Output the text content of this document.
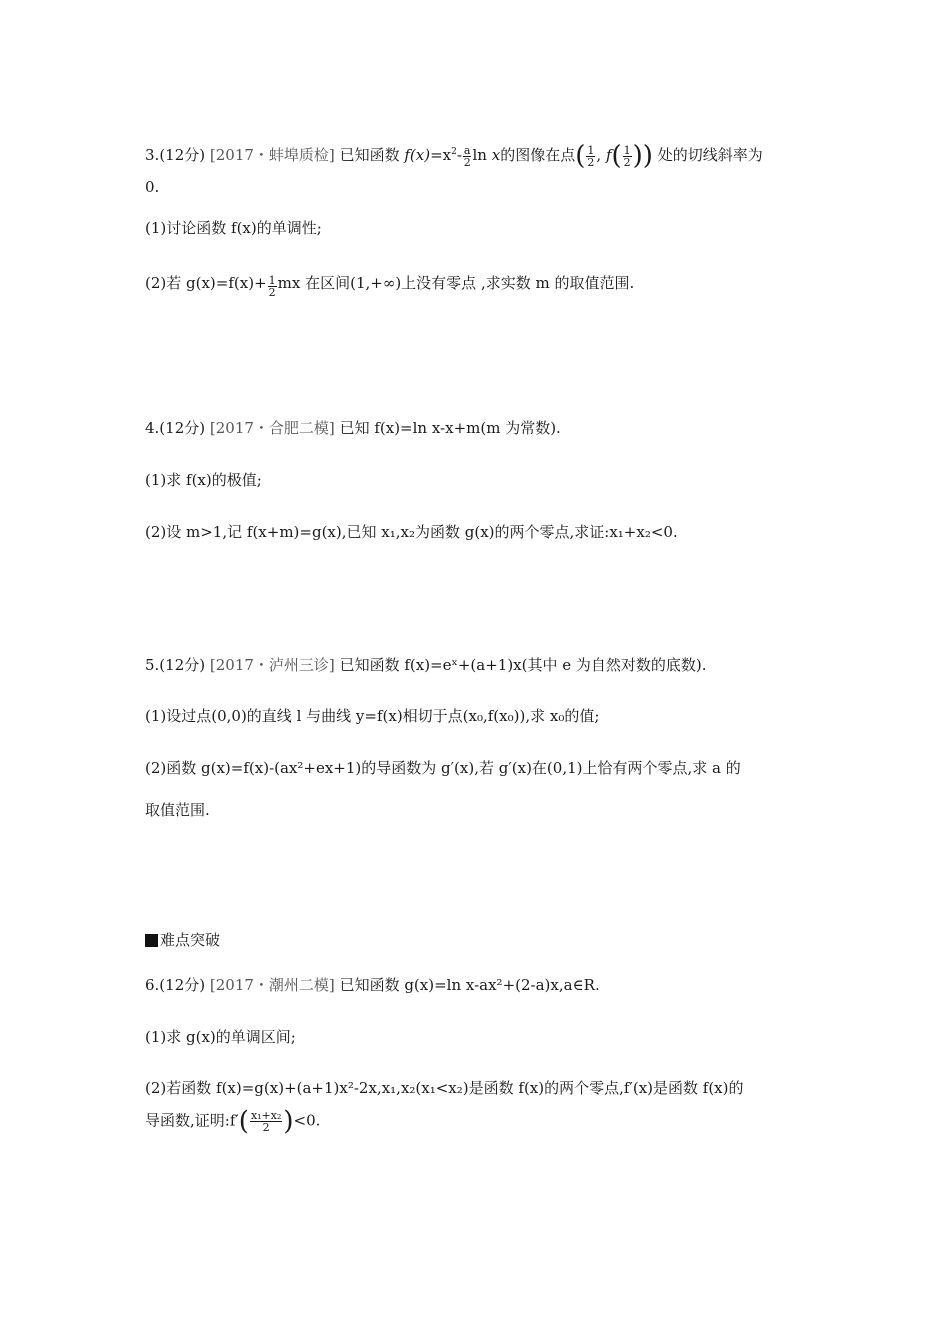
3.(12分) [2017・蚌埠质检] 已知函数 $f(x)=x^2- \frac{a}{2}$ ln x的图像在点( $\frac{1}{2}$ , $f( \frac{1}{2}$ )) 处的切线斜率为
0.
(1)讨论函数 f(x)的单调性;
(2)若 $g(x)=f(x)+ \frac{1}{2}$ mx 在区间(1,+∞)上没有零点 ,求实数 m 的取值范围.
4.(12分) [2017・合肥二模] 已知 f(x)=ln x-x+m(m 为常数).
(1)求 f(x)的极值;
(2)设 m>1,记 f(x+m)=g(x),已知 x₁,x₂为函数 g(x)的两个零点,求证:x₁+x₂<0.
5.(12分) [2017・泸州三诊] 已知函数 f(x)=eˣ+(a+1)x(其中 e 为自然对数的底数).
(1)设过点(0,0)的直线 l 与曲线 y=f(x)相切于点(x₀,f(x₀)),求 x₀的值;
(2)函数 g(x)=f(x)-(ax²+ex+1)的导函数为 g′(x),若 g′(x)在(0,1)上恰有两个零点,求 a 的
取值范围.
难点突破
6.(12分) [2017・潮州二模] 已知函数 g(x)=ln x-ax²+(2-a)x,a∈R.
(1)求 g(x)的单调区间;
(2)若函数 f(x)=g(x)+(a+1)x²-2x,x₁,x₂(x₁<x₂)是函数 f(x)的两个零点,f′(x)是函数 f(x)的
导函数,证明:f′( $\frac{\text{x₁+x₂}}{2} )<0$.
